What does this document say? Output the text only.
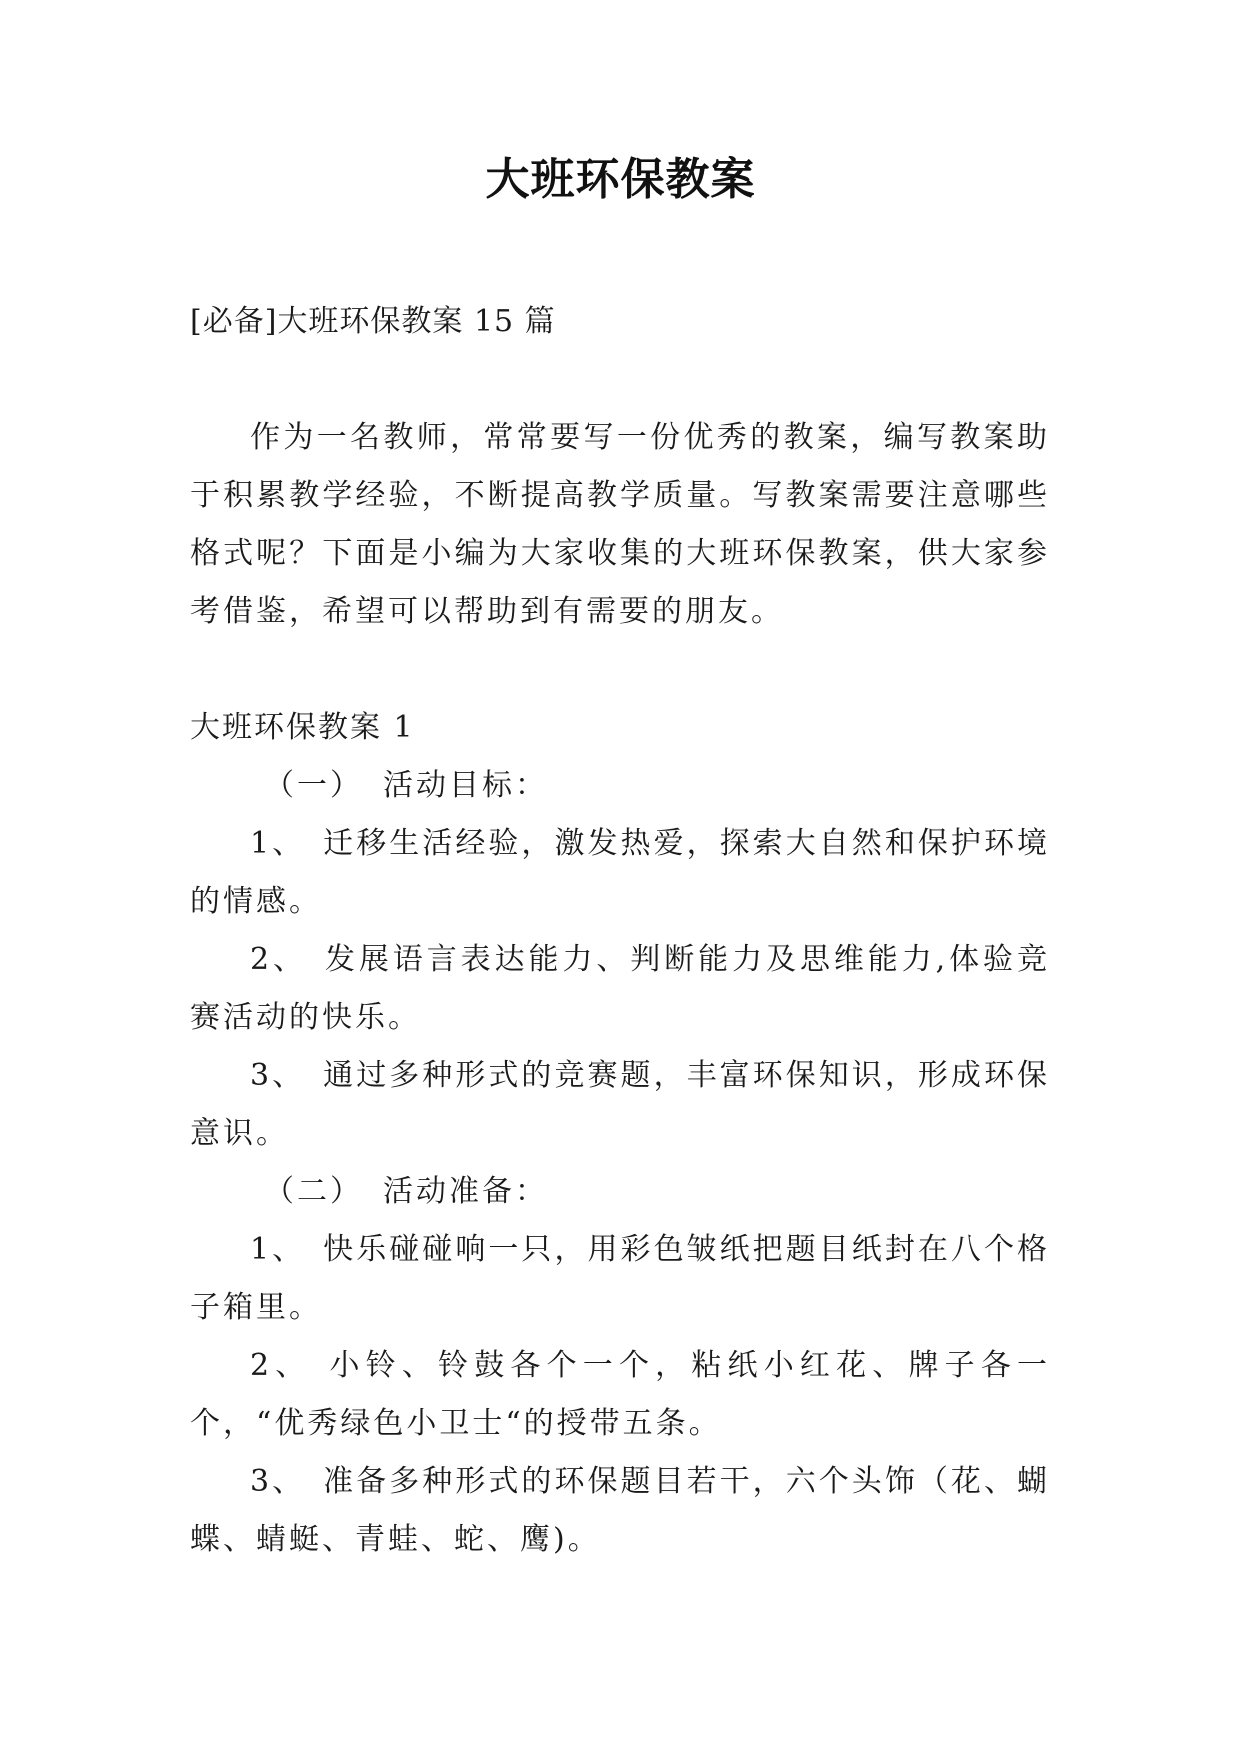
大班环保教案

[必备]大班环保教案 15 篇

作为一名教师，常常要写一份优秀的教案，编写教案助于积累教学经验，不断提高教学质量。写教案需要注意哪些格式呢？下面是小编为大家收集的大班环保教案，供大家参考借鉴，希望可以帮助到有需要的朋友。

大班环保教案 1

（一） 活动目标：

1、 迁移生活经验，激发热爱，探索大自然和保护环境的情感。

2、 发展语言表达能力、判断能力及思维能力,体验竞赛活动的快乐。

3、 通过多种形式的竞赛题，丰富环保知识，形成环保意识。

（二） 活动准备：

1、 快乐碰碰响一只，用彩色皱纸把题目纸封在八个格子箱里。

2、 小铃、铃鼓各个一个，粘纸小红花、牌子各一个，“优秀绿色小卫士“的授带五条。

3、 准备多种形式的环保题目若干，六个头饰（花、蝴蝶、蜻蜓、青蛙、蛇、鹰)。
